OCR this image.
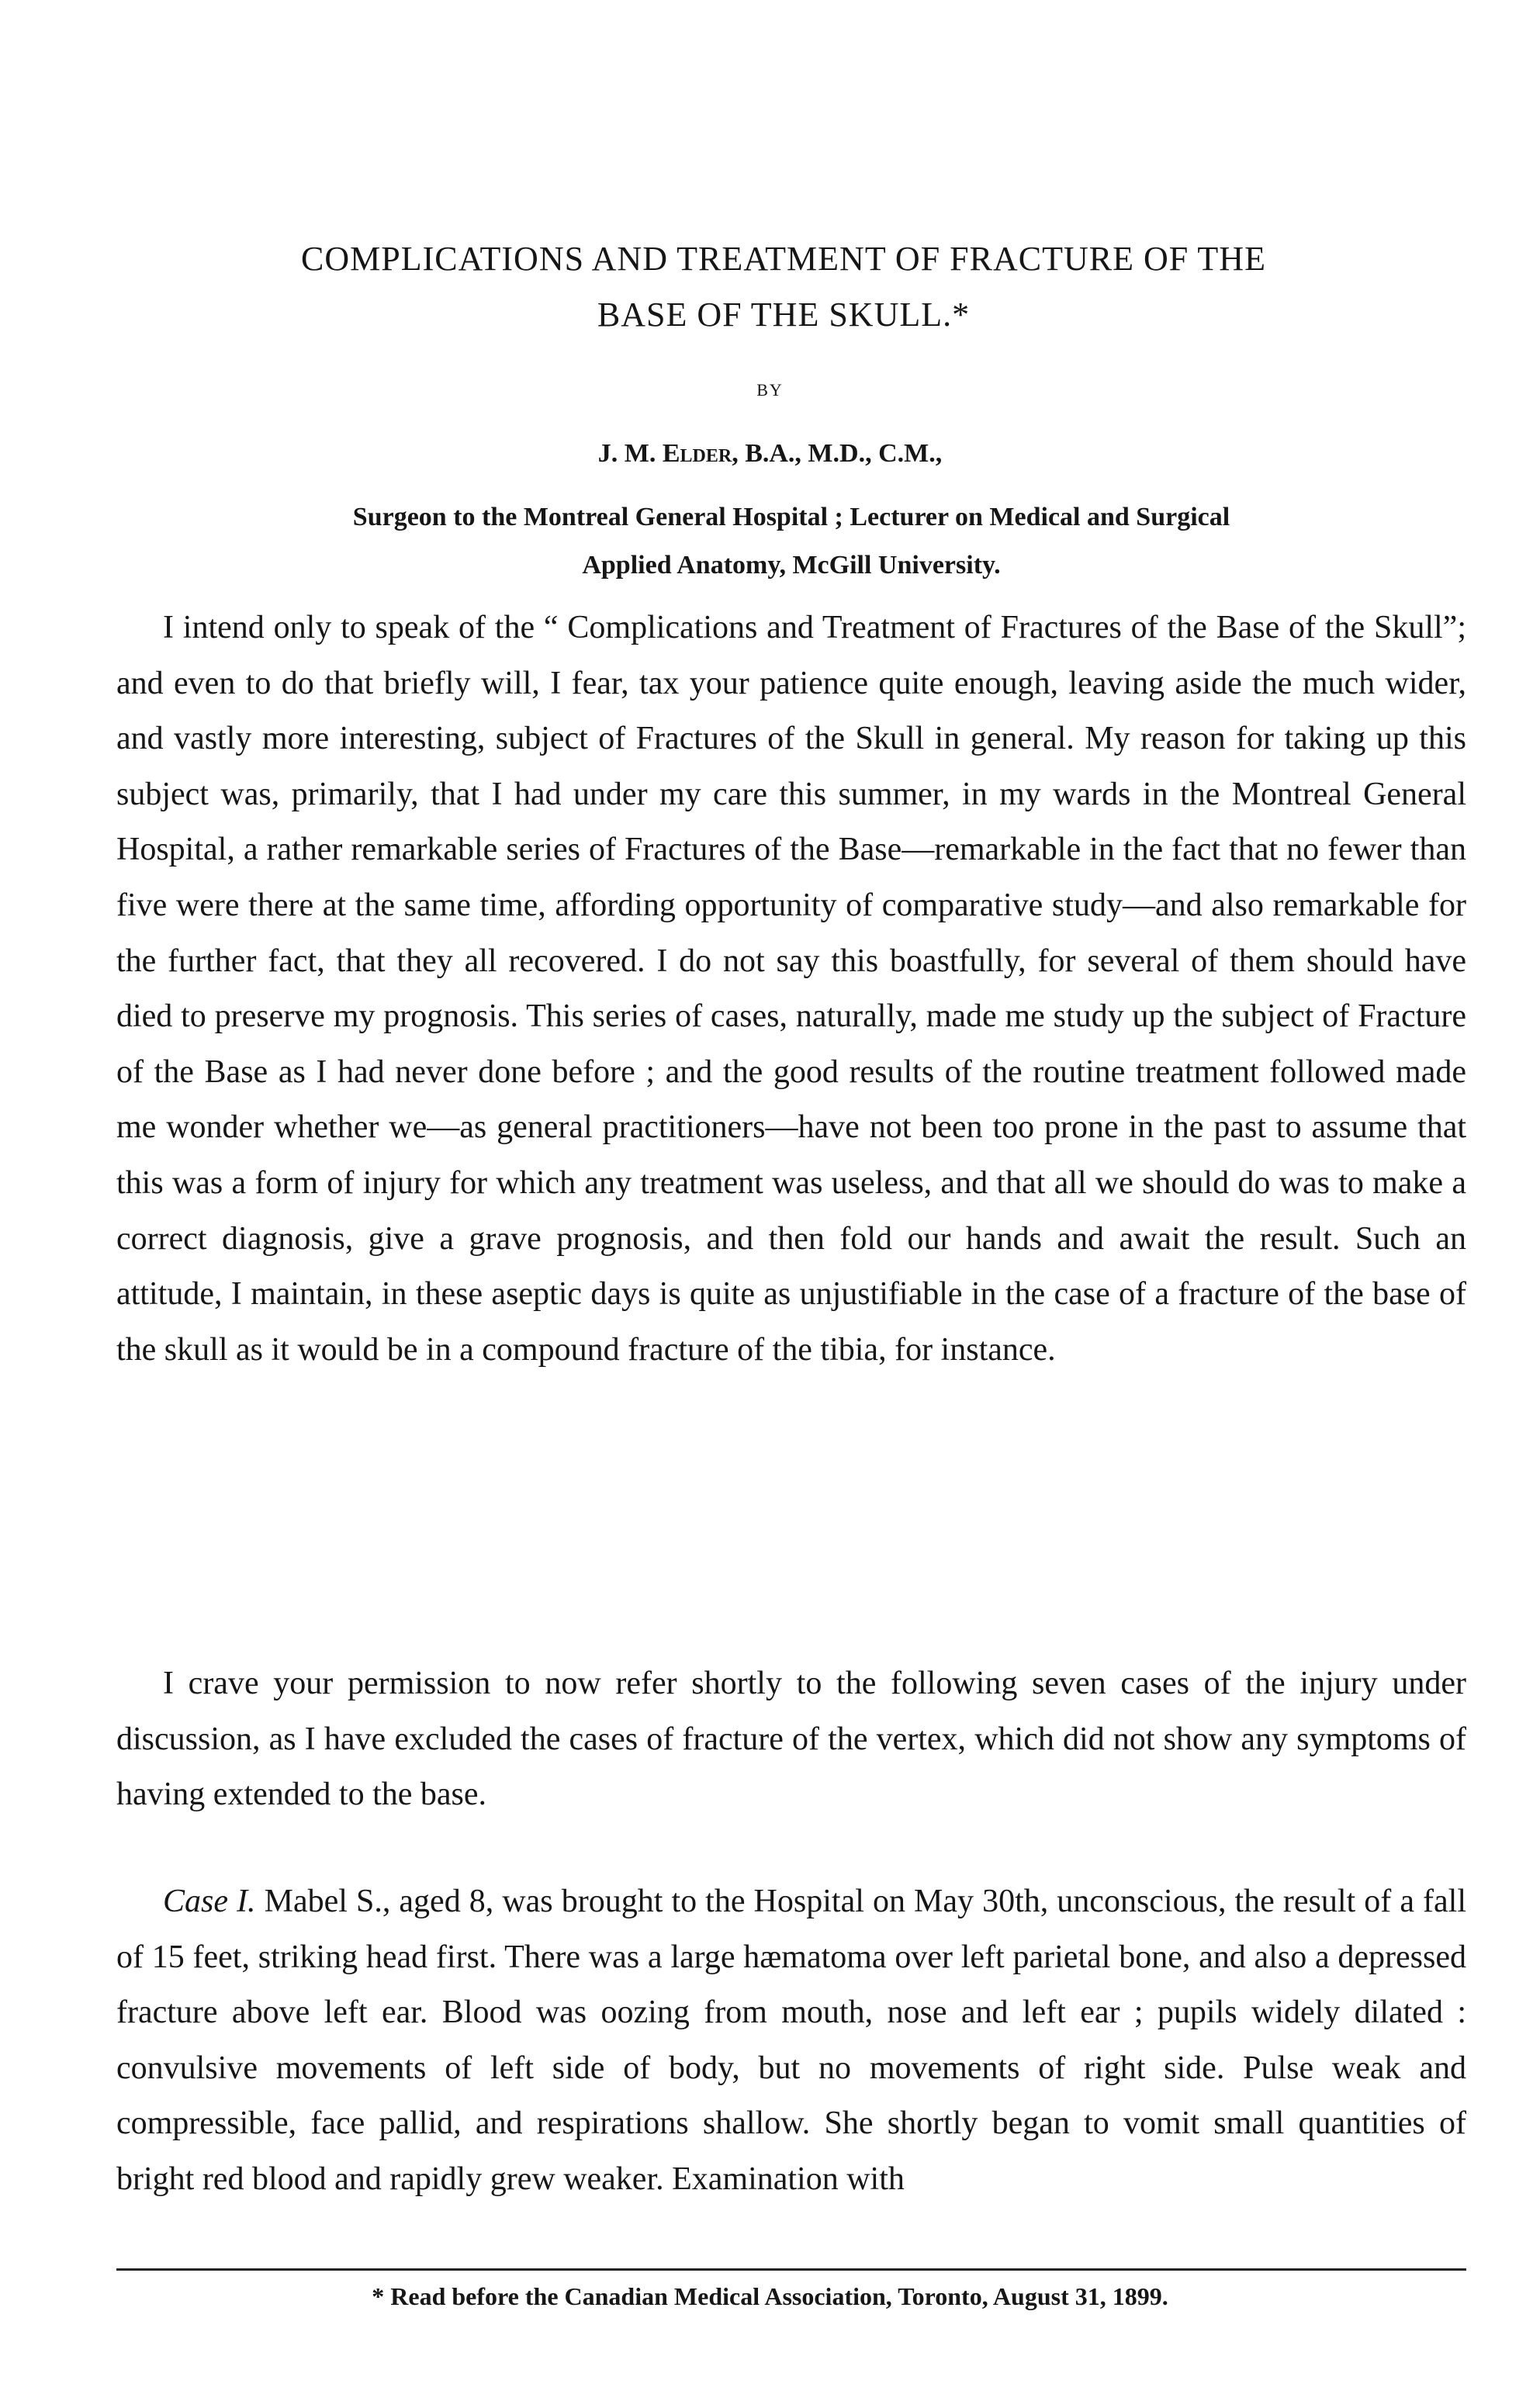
COMPLICATIONS AND TREATMENT OF FRACTURE OF THE
BASE OF THE SKULL.*

BY

J. M. Elder, B.A., M.D., C.M.,

Surgeon to the Montreal General Hospital ; Lecturer on Medical and Surgical

Applied Anatomy, McGill University.

I intend only to speak of the “ Complications and Treatment of Fractures of the Base of the Skull”; and even to do that briefly will, I fear, tax your patience quite enough, leaving aside the much wider, and vastly more interesting, subject of Fractures of the Skull in general. My reason for taking up this subject was, primarily, that I had under my care this summer, in my wards in the Montreal General Hospital, a rather remarkable series of Fractures of the Base—remarkable in the fact that no fewer than five were there at the same time, affording opportunity of comparative study—and also remarkable for the further fact, that they all recovered. I do not say this boastfully, for several of them should have died to preserve my prognosis. This series of cases, naturally, made me study up the subject of Fracture of the Base as I had never done before ; and the good results of the routine treatment followed made me wonder whether we—as general practitioners—have not been too prone in the past to assume that this was a form of injury for which any treatment was useless, and that all we should do was to make a correct diagnosis, give a grave prognosis, and then fold our hands and await the result. Such an attitude, I maintain, in these aseptic days is quite as unjustifiable in the case of a fracture of the base of the skull as it would be in a compound fracture of the tibia, for instance.

I crave your permission to now refer shortly to the following seven cases of the injury under discussion, as I have excluded the cases of fracture of the vertex, which did not show any symptoms of having extended to the base.

Case I. Mabel S., aged 8, was brought to the Hospital on May 30th, unconscious, the result of a fall of 15 feet, striking head first. There was a large hæmatoma over left parietal bone, and also a depressed fracture above left ear. Blood was oozing from mouth, nose and left ear ; pupils widely dilated : convulsive movements of left side of body, but no movements of right side. Pulse weak and compressible, face pallid, and respirations shallow. She shortly began to vomit small quantities of bright red blood and rapidly grew weaker. Examination with

* Read before the Canadian Medical Association, Toronto, August 31, 1899.
